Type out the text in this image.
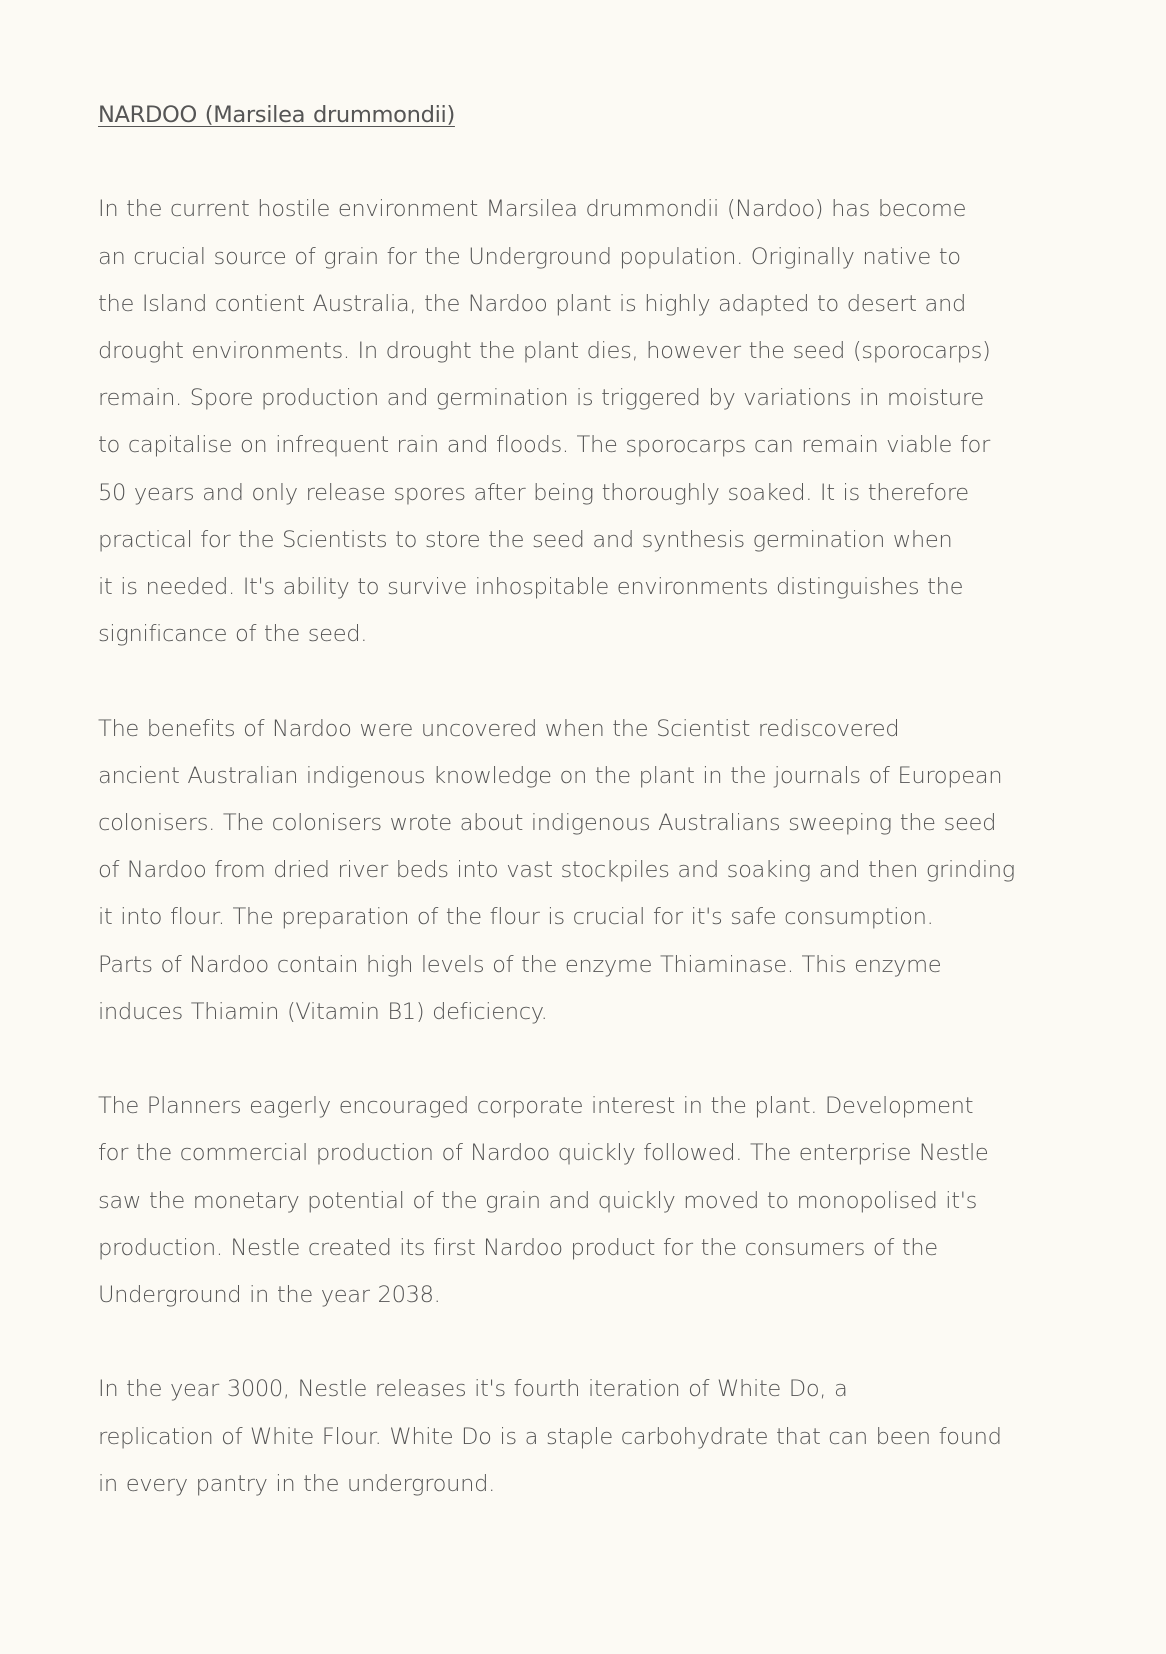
NARDOO (Marsilea drummondii)

In the current hostile environment Marsilea drummondii (Nardoo) has become
an crucial source of grain for the Underground population. Originally native to
the Island contient Australia, the Nardoo plant is highly adapted to desert and
drought environments. In drought the plant dies, however the seed (sporocarps)
remain. Spore production and germination is triggered by variations in moisture
to capitalise on infrequent rain and floods. The sporocarps can remain viable for
50 years and only release spores after being thoroughly soaked. It is therefore
practical for the Scientists to store the seed and synthesis germination when
it is needed. It's ability to survive inhospitable environments distinguishes the
significance of the seed.
The benefits of Nardoo were uncovered when the Scientist rediscovered
ancient Australian indigenous knowledge on the plant in the journals of European
colonisers. The colonisers wrote about indigenous Australians sweeping the seed
of Nardoo from dried river beds into vast stockpiles and soaking and then grinding
it into flour. The preparation of the flour is crucial for it's safe consumption.
Parts of Nardoo contain high levels of the enzyme Thiaminase. This enzyme
induces Thiamin (Vitamin B1) deficiency.
The Planners eagerly encouraged corporate interest in the plant. Development
for the commercial production of Nardoo quickly followed. The enterprise Nestle
saw the monetary potential of the grain and quickly moved to monopolised it's
production. Nestle created its first Nardoo product for the consumers of the
Underground in the year 2038.
In the year 3000, Nestle releases it's fourth iteration of White Do, a
replication of White Flour. White Do is a staple carbohydrate that can been found
in every pantry in the underground.
